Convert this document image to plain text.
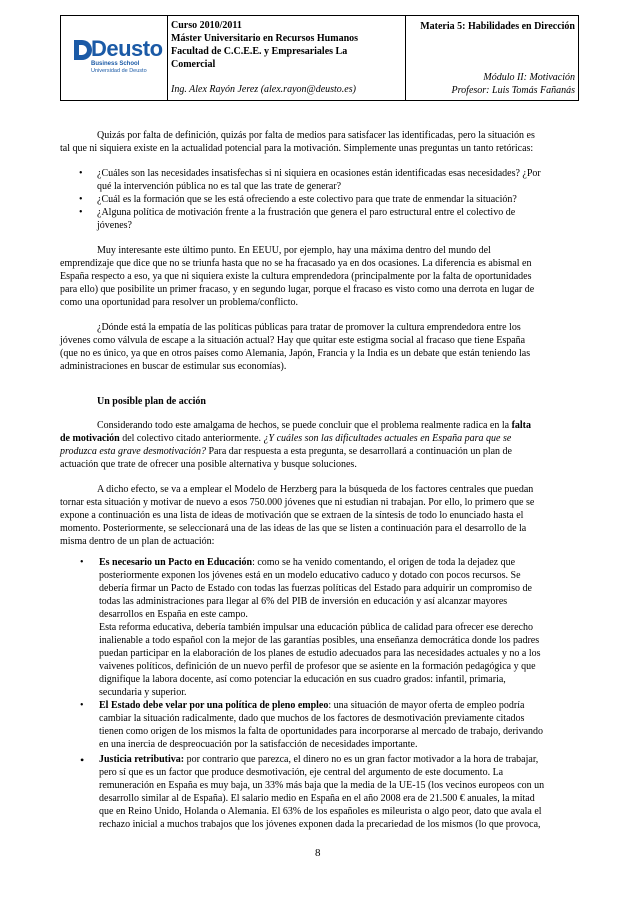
Deusto
Business School
Universidad de Deusto
Curso 2010/2011
Máster Universitario en Recursos Humanos
Facultad de C.C.E.E. y Empresariales La
Comercial
Ing. Alex Rayón Jerez (alex.rayon@deusto.es)
Materia 5: Habilidades en Dirección
Módulo II: Motivación
Profesor: Luis Tomás Fañanás
Quizás por falta de definición, quizás por falta de medios para satisfacer las identificadas, pero la situación es
tal que ni siquiera existe en la actualidad potencial para la motivación. Simplemente unas preguntas un tanto retóricas:
• ¿Cuáles son las necesidades insatisfechas si ni siquiera en ocasiones están identificadas esas necesidades? ¿Por
qué la intervención pública no es tal que las trate de generar?
• ¿Cuál es la formación que se les está ofreciendo a este colectivo para que trate de enmendar la situación?
• ¿Alguna política de motivación frente a la frustración que genera el paro estructural entre el colectivo de
jóvenes?
Muy interesante este último punto. En EEUU, por ejemplo, hay una máxima dentro del mundo del
emprendizaje que dice que no se triunfa hasta que no se ha fracasado ya en dos ocasiones. La diferencia es abismal en
España respecto a eso, ya que ni siquiera existe la cultura emprendedora (principalmente por la falta de oportunidades
para ello) que posibilite un primer fracaso, y en segundo lugar, porque el fracaso es visto como una derrota en lugar de
como una oportunidad para resolver un problema/conflicto.
¿Dónde está la empatía de las políticas públicas para tratar de promover la cultura emprendedora entre los
jóvenes como válvula de escape a la situación actual? Hay que quitar este estigma social al fracaso que tiene España
(que no es único, ya que en otros países como Alemania, Japón, Francia y la India es un debate que están teniendo las
administraciones en buscar de estimular sus economías).
Un posible plan de acción
Considerando todo este amalgama de hechos, se puede concluir que el problema realmente radica en la falta
de motivación del colectivo citado anteriormente. ¿Y cuáles son las dificultades actuales en España para que se
produzca esta grave desmotivación? Para dar respuesta a esta pregunta, se desarrollará a continuación un plan de
actuación que trate de ofrecer una posible alternativa y busque soluciones.
A dicho efecto, se va a emplear el Modelo de Herzberg para la búsqueda de los factores centrales que puedan
tornar esta situación y motivar de nuevo a esos 750.000 jóvenes que ni estudian ni trabajan. Por ello, lo primero que se
expone a continuación es una lista de ideas de motivación que se extraen de la síntesis de todo lo enunciado hasta el
momento. Posteriormente, se seleccionará una de las ideas de las que se listen a continuación para el desarrollo de la
misma dentro de un plan de actuación:
• Es necesario un Pacto en Educación: como se ha venido comentando, el origen de toda la dejadez que
posteriormente exponen los jóvenes está en un modelo educativo caduco y dotado con pocos recursos. Se
debería firmar un Pacto de Estado con todas las fuerzas políticas del Estado para adquirir un compromiso de
todas las administraciones para llegar al 6% del PIB de inversión en educación y así alcanzar mayores
desarrollos en España en este campo.
Esta reforma educativa, debería también impulsar una educación pública de calidad para ofrecer ese derecho
inalienable a todo español con la mejor de las garantías posibles, una enseñanza democrática donde los padres
puedan participar en la elaboración de los planes de estudio adecuados para las necesidades actuales y no a los
vaivenes políticos, definición de un nuevo perfil de profesor que se asiente en la formación pedagógica y que
dignifique la labora docente, así como potenciar la educación en sus cuadro grados: infantil, primaria,
secundaria y superior.
• El Estado debe velar por una política de pleno empleo: una situación de mayor oferta de empleo podría
cambiar la situación radicalmente, dado que muchos de los factores de desmotivación previamente citados
tienen como origen de los mismos la falta de oportunidades para incorporarse al mercado de trabajo, derivando
en una inercia de despreocuación por la satisfacción de necesidades importante.
• Justicia retributiva: por contrario que parezca, el dinero no es un gran factor motivador a la hora de trabajar,
pero sí que es un factor que produce desmotivación, eje central del argumento de este documento. La
remuneración en España es muy baja, un 33% más baja que la media de la UE-15 (los vecinos europeos con un
desarrollo similar al de España). El salario medio en España en el año 2008 era de 21.500 € anuales, la mitad
que en Reino Unido, Holanda o Alemania. El 63% de los españoles es mileurista o algo peor, dato que avala el
rechazo inicial a muchos trabajos que los jóvenes exponen dada la precariedad de los mismos (lo que provoca,
8
